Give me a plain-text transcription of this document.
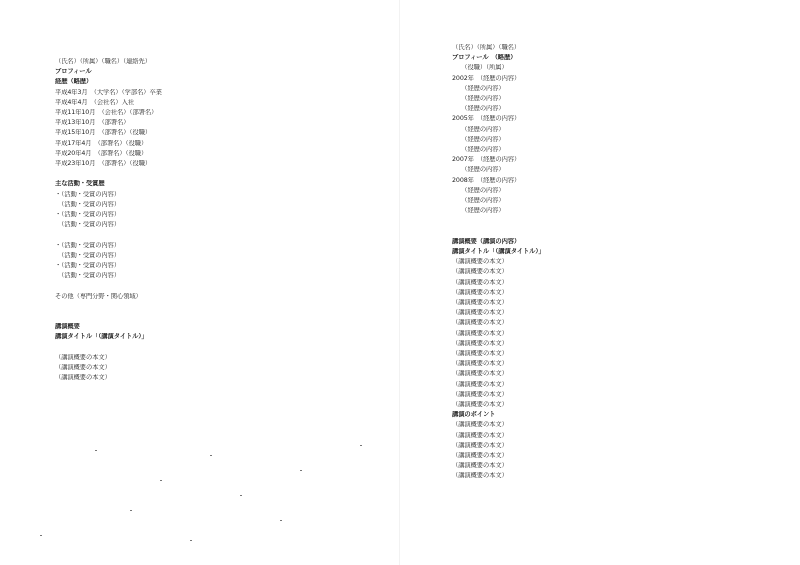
（氏名）（所属）（職名）（連絡先）
プロフィール
経歴（略歴）
平成4年3月　（大学名）（学部名）卒業
平成4年4月　（会社名）入社
平成11年10月　（会社名）（部署名）
平成13年10月　（部署名）
平成15年10月　（部署名）（役職）
平成17年4月　（部署名）（役職）
平成20年4月　（部署名）（役職）
平成23年10月　（部署名）（役職）
主な活動・受賞歴
・（活動・受賞の内容）
　（活動・受賞の内容）
・（活動・受賞の内容）
　（活動・受賞の内容）
・（活動・受賞の内容）
　（活動・受賞の内容）
・（活動・受賞の内容）
　（活動・受賞の内容）
その他（専門分野・関心領域）
講演概要
講演タイトル「（講演タイトル）」
（講演概要の本文）
（講演概要の本文）
（講演概要の本文）
（氏名）（所属）（職名）
プロフィール　（略歴）
　　（役職）（所属）
2002年　（経歴の内容）
　　（経歴の内容）
　　（経歴の内容）
　　（経歴の内容）
2005年　（経歴の内容）
　　（経歴の内容）
　　（経歴の内容）
　　（経歴の内容）
2007年　（経歴の内容）
　　（経歴の内容）
2008年　（経歴の内容）
　　（経歴の内容）
　　（経歴の内容）
　　（経歴の内容）
講演概要（講演の内容）
講演タイトル「（講演タイトル）」
（講演概要の本文）
（講演概要の本文）
（講演概要の本文）
（講演概要の本文）
（講演概要の本文）
（講演概要の本文）
（講演概要の本文）
（講演概要の本文）
（講演概要の本文）
（講演概要の本文）
（講演概要の本文）
（講演概要の本文）
（講演概要の本文）
（講演概要の本文）
（講演概要の本文）
講演のポイント
（講演概要の本文）
（講演概要の本文）
（講演概要の本文）
（講演概要の本文）
（講演概要の本文）
（講演概要の本文）
